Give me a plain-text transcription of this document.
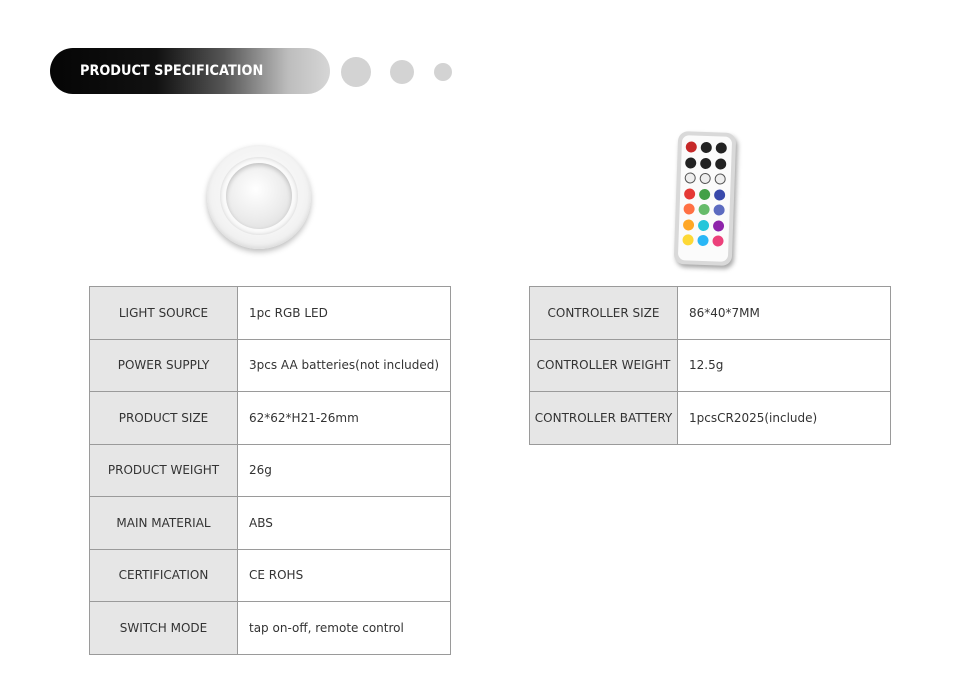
PRODUCT SPECIFICATION
LIGHT SOURCE	1pc RGB LED
POWER SUPPLY	3pcs AA batteries(not included)
PRODUCT SIZE	62*62*H21-26mm
PRODUCT WEIGHT	26g
MAIN MATERIAL	ABS
CERTIFICATION	CE ROHS
SWITCH MODE	tap on-off, remote control
CONTROLLER SIZE	86*40*7MM
CONTROLLER WEIGHT	12.5g
CONTROLLER BATTERY	1pcsCR2025(include)
